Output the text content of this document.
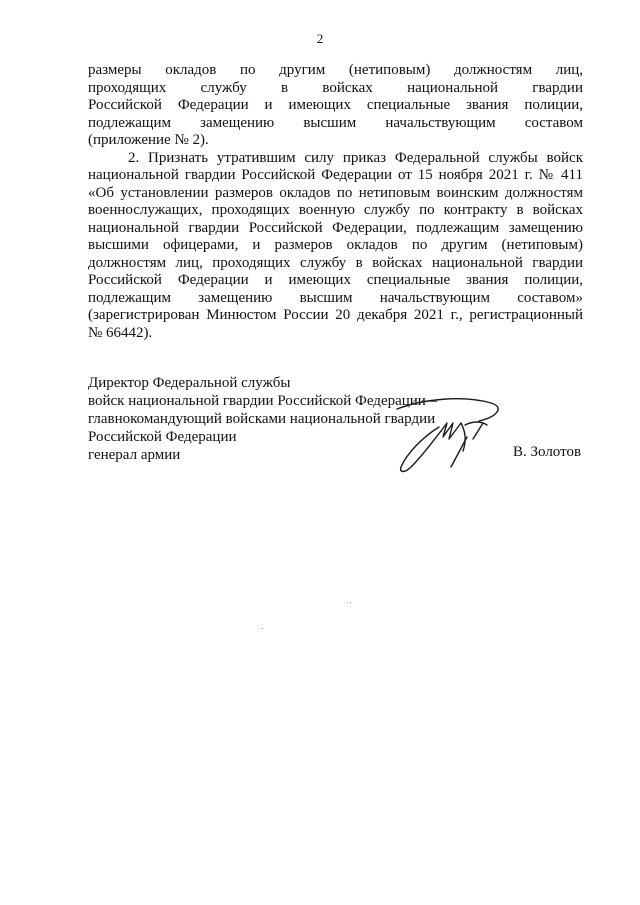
2

размеры окладов по другим (нетиповым) должностям лиц,
проходящих службу в войсках национальной гвардии
Российской Федерации и имеющих специальные звания полиции,
подлежащим замещению высшим начальствующим составом
(приложение № 2).

2. Признать утратившим силу приказ Федеральной службы войск
национальной гвардии Российской Федерации от 15 ноября 2021 г. № 411
«Об установлении размеров окладов по нетиповым воинским должностям
военнослужащих, проходящих военную службу по контракту в войсках
национальной гвардии Российской Федерации, подлежащим замещению
высшими офицерами, и размеров окладов по другим (нетиповым)
должностям лиц, проходящих службу в войсках национальной гвардии
Российской Федерации и имеющих специальные звания полиции,
подлежащим замещению высшим начальствующим составом»
(зарегистрирован Минюстом России 20 декабря 2021 г., регистрационный
№ 66442).

Директор Федеральной службы
войск национальной гвардии Российской Федерации –
главнокомандующий войсками национальной гвардии
Российской Федерации
генерал армии	В. Золотов
